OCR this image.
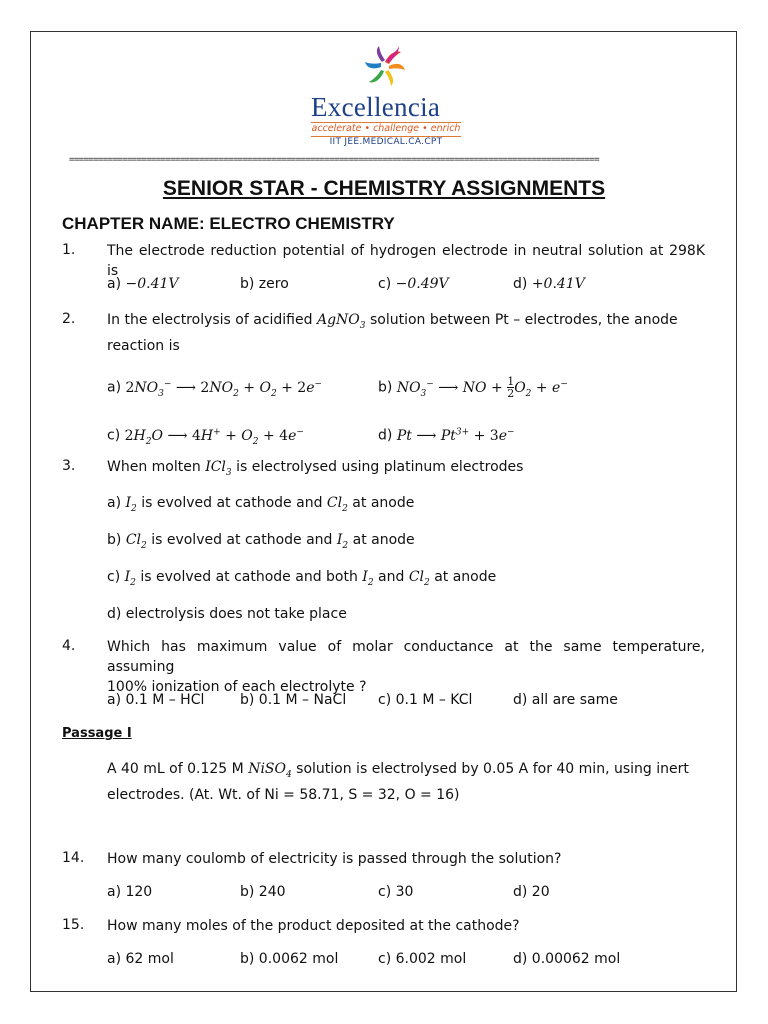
Excellencia
accelerate • challenge • enrich
IIT JEE.MEDICAL.CA.CPT
==============================================================================================================
SENIOR STAR - CHEMISTRY ASSIGNMENTS
CHAPTER NAME: ELECTRO CHEMISTRY
1. The electrode reduction potential of hydrogen electrode in neutral solution at 298K is
a) −0.41V	b) zero	c) −0.49V	d) +0.41V
2. In the electrolysis of acidified AgNO$_3$ solution between Pt – electrodes, the anode
reaction is
a) $2NO_3^-$ ⟶ $2NO_2 + O_2 + 2e^-$	b) $NO_3^-$ ⟶ NO + $\frac{1}{2} O_2 + e^-$
c) $2H_2O$ ⟶ $4H^+ + O_2 + 4e^-$	d) Pt ⟶ $Pt^{3+} + 3e^-$
3. When molten ICl$_3$ is electrolysed using platinum electrodes
a) $I_2$ is evolved at cathode and $Cl_2$ at anode
b) $Cl_2$ is evolved at cathode and $I_2$ at anode
c) $I_2$ is evolved at cathode and both $I_2$ and $Cl_2$ at anode
d) electrolysis does not take place
4. Which has maximum value of molar conductance at the same temperature, assuming
100% ionization of each electrolyte ?
a) 0.1 M – HCl	b) 0.1 M – NaCl c) 0.1 M – KCl	d) all are same
Passage I
A 40 mL of 0.125 M NiSO$_4$ solution is electrolysed by 0.05 A for 40 min, using inert
electrodes. (At. Wt. of Ni = 58.71, S = 32, O = 16)
14. How many coulomb of electricity is passed through the solution?
a) 120	b) 240	c) 30	d) 20
15. How many moles of the product deposited at the cathode?
a) 62 mol	b) 0.0062 mol	c) 6.002 mol	d) 0.00062 mol
